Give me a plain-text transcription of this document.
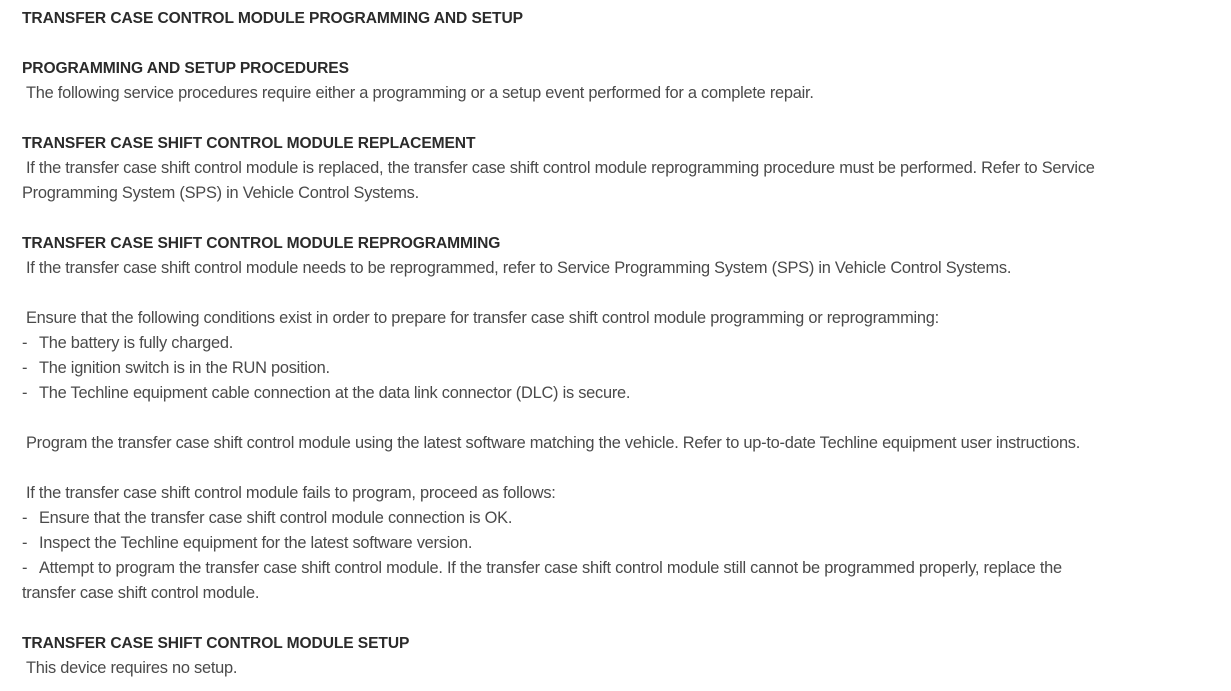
TRANSFER CASE CONTROL MODULE PROGRAMMING AND SETUP
PROGRAMMING AND SETUP PROCEDURES
The following service procedures require either a programming or a setup event performed for a complete repair.
TRANSFER CASE SHIFT CONTROL MODULE REPLACEMENT
If the transfer case shift control module is replaced, the transfer case shift control module reprogramming procedure must be performed. Refer to Service
Programming System (SPS) in Vehicle Control Systems.
TRANSFER CASE SHIFT CONTROL MODULE REPROGRAMMING
If the transfer case shift control module needs to be reprogrammed, refer to Service Programming System (SPS) in Vehicle Control Systems.
Ensure that the following conditions exist in order to prepare for transfer case shift control module programming or reprogramming:
- The battery is fully charged.
- The ignition switch is in the RUN position.
- The Techline equipment cable connection at the data link connector (DLC) is secure.
Program the transfer case shift control module using the latest software matching the vehicle. Refer to up-to-date Techline equipment user instructions.
If the transfer case shift control module fails to program, proceed as follows:
- Ensure that the transfer case shift control module connection is OK.
- Inspect the Techline equipment for the latest software version.
- Attempt to program the transfer case shift control module. If the transfer case shift control module still cannot be programmed properly, replace the
transfer case shift control module.
TRANSFER CASE SHIFT CONTROL MODULE SETUP
This device requires no setup.
